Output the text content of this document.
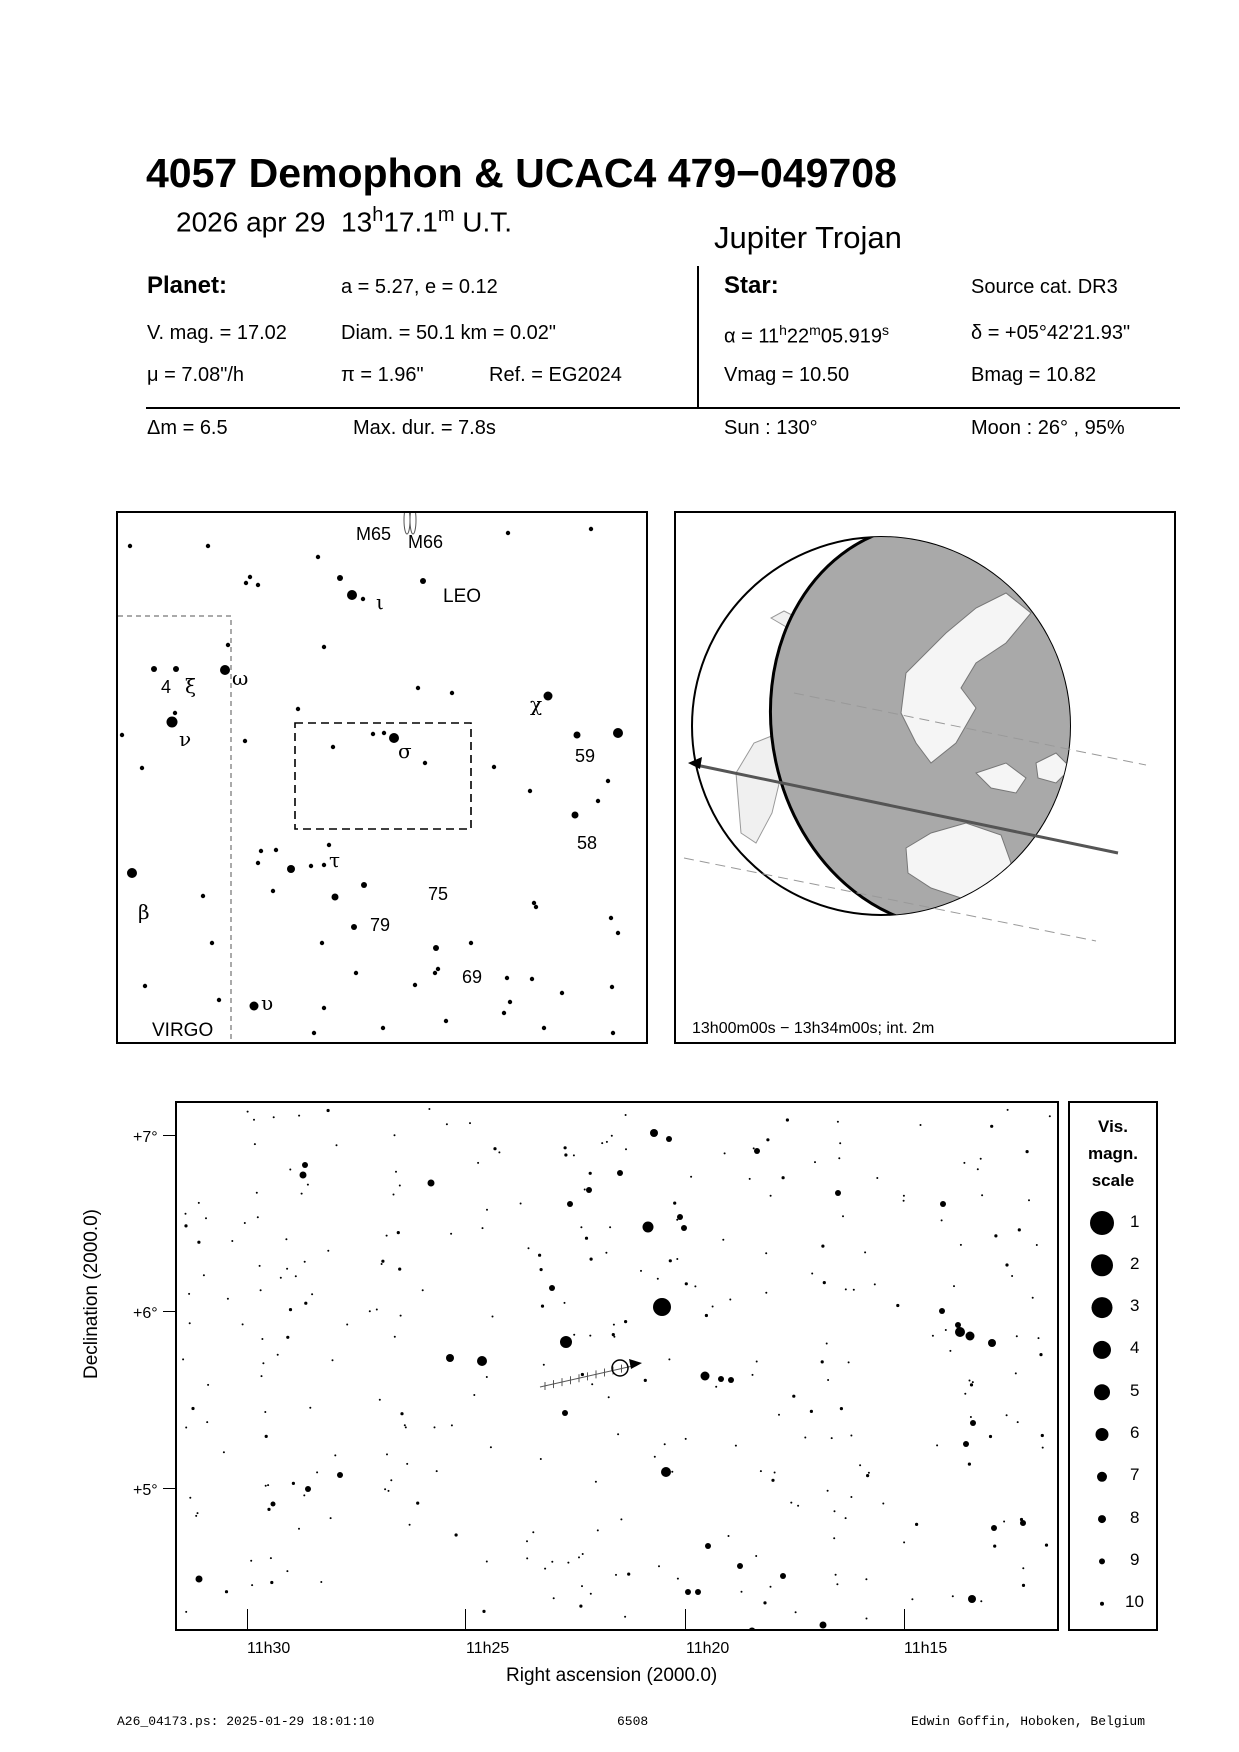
4057 Demophon & UCAC4 479−049708
2026 apr 29 13$^h$17.1$^m$ U.T.	Jupiter Trojan
Planet:	a = 5.27, e = 0.12
V. mag. = 17.02	Diam. = 50.1 km = 0.02"
μ = 7.08"/h	π = 1.96"	Ref. = EG2024
Δm = 6.5	Max. dur. = 7.8s
Star:	Source cat. DR3
$\alpha = 11^h22^m05.919^s$	δ = +05°42'21.93"
Vmag = 10.50	Bmag = 10.82
Sun : 130°	Moon : 26° , 95%
M65 M66
LEO
VIRGO
ι
ξ ω
ν	σ
χ
τ
β
υ
4
59
58
75
79
69
13h00m00s − 13h34m00s; int. 2m
+7°
+6°
+5°
11h30	11h25	11h20	11h15
Right ascension (2000.0)
Declination (2000.0)
Vis.
magn.
scale
1
2
3
4
5
6
7
8
9
10
A26_04173.ps: 2025-01-29 18:01:10	6508	Edwin Goffin, Hoboken, Belgium
